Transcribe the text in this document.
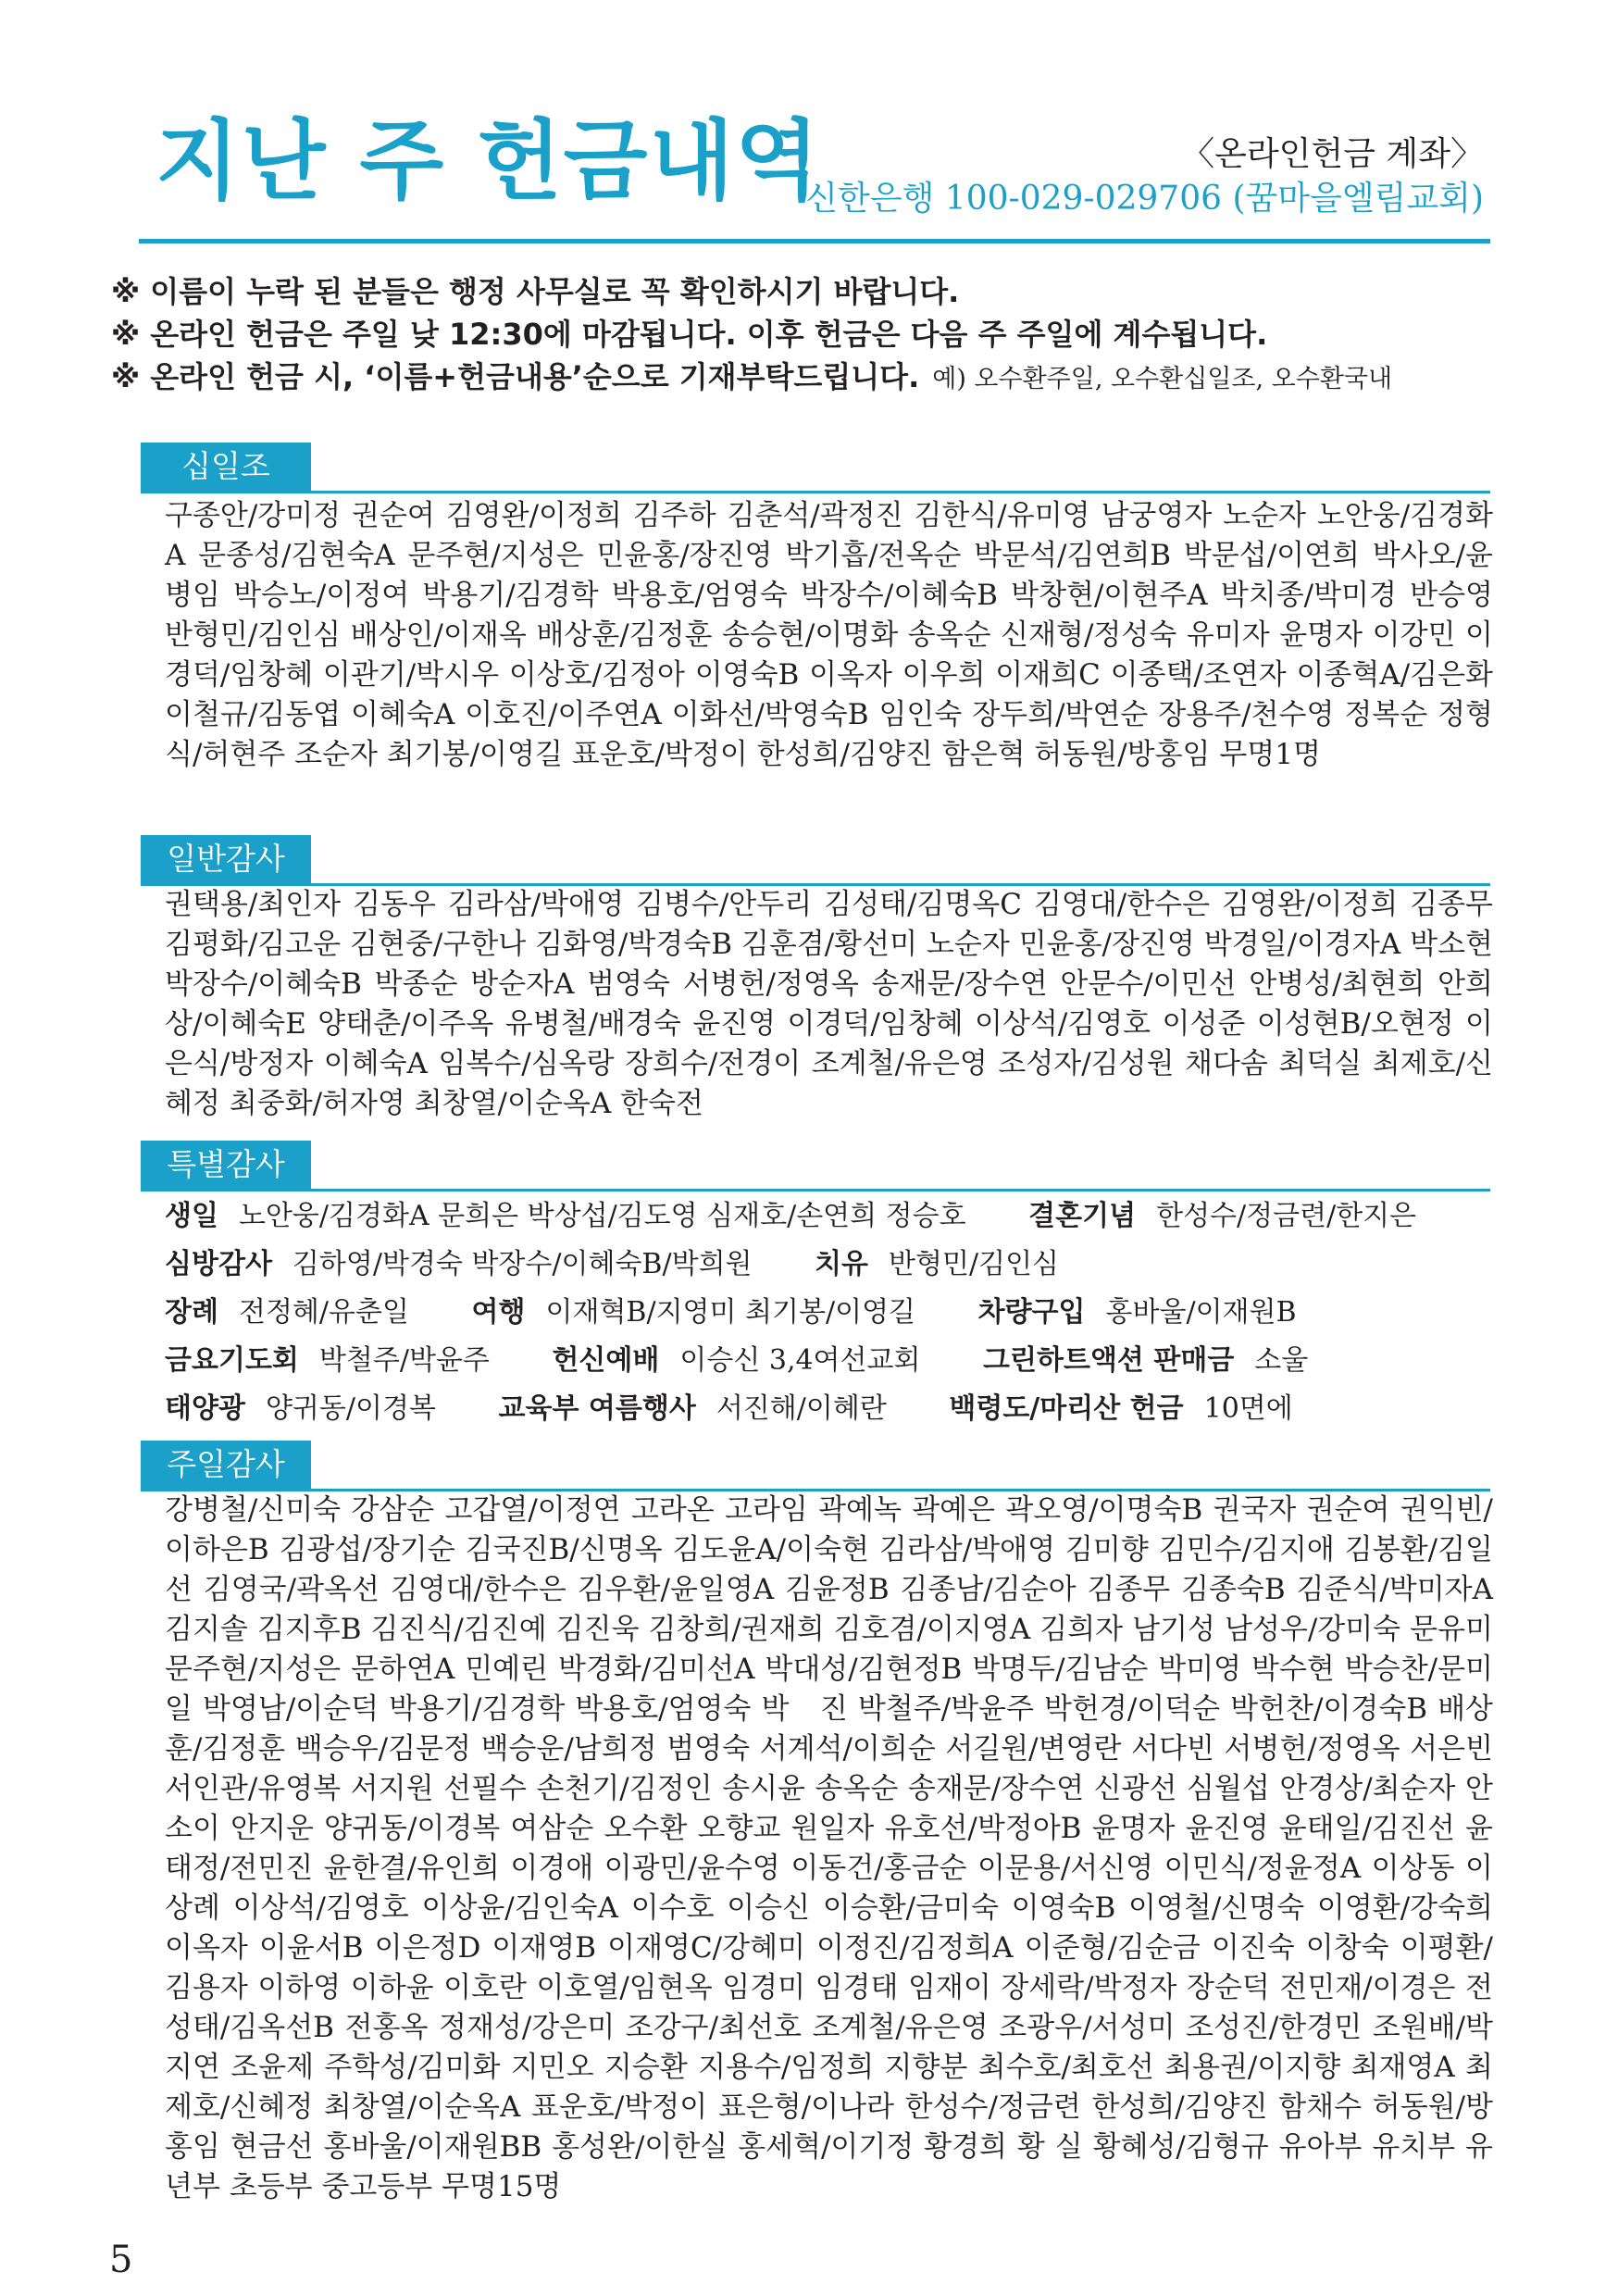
지난 주 헌금내역	〈온라인헌금 계좌〉
신한은행 100-029-029706 (꿈마을엘림교회)
※ 이름이 누락 된 분들은 행정 사무실로 꼭 확인하시기 바랍니다.
※ 온라인 헌금은 주일 낮 12:30에 마감됩니다. 이후 헌금은 다음 주 주일에 계수됩니다.
※ 온라인 헌금 시, ‘이름+헌금내용’순으로 기재부탁드립니다. 예) 오수환주일, 오수환십일조, 오수환국내
십일조

구종안/강미정 권순여 김영완/이정희 김주하 김춘석/곽정진 김한식/유미영 남궁영자 노순자 노안웅/김경화A 문종성/김현숙A 문주현/지성은 민윤홍/장진영 박기흡/전옥순 박문석/김연희B 박문섭/이연희 박사오/윤병임 박승노/이정여 박용기/김경학 박용호/엄영숙 박장수/이혜숙B 박창현/이현주A 박치종/박미경 반승영 반형민/김인심 배상인/이재옥 배상훈/김정훈 송승현/이명화 송옥순 신재형/정성숙 유미자 윤명자 이강민 이경덕/임창혜 이관기/박시우 이상호/김정아 이영숙B 이옥자 이우희 이재희C 이종택/조연자 이종혁A/김은화 이철규/김동엽 이혜숙A 이호진/이주연A 이화선/박영숙B 임인숙 장두희/박연순 장용주/천수영 정복순 정형식/허현주 조순자 최기봉/이영길 표운호/박정이 한성희/김양진 함은혁 허동원/방홍임 무명1명

일반감사

권택용/최인자 김동우 김라삼/박애영 김병수/안두리 김성태/김명옥C 김영대/한수은 김영완/이정희 김종무 김평화/김고운 김현중/구한나 김화영/박경숙B 김훈겸/황선미 노순자 민윤홍/장진영 박경일/이경자A 박소현 박장수/이혜숙B 박종순 방순자A 범영숙 서병헌/정영옥 송재문/장수연 안문수/이민선 안병성/최현희 안희상/이혜숙E 양태춘/이주옥 유병철/배경숙 윤진영 이경덕/임창혜 이상석/김영호 이성준 이성현B/오현정 이은식/방정자 이혜숙A 임복수/심옥랑 장희수/전경이 조계철/유은영 조성자/김성원 채다솜 최덕실 최제호/신혜정 최중화/허자영 최창열/이순옥A 한숙전

특별감사
생일 노안웅/김경화A 문희은 박상섭/김도영 심재호/손연희 정승호 결혼기념 한성수/정금련/한지은
심방감사 김하영/박경숙 박장수/이혜숙B/박희원 치유 반형민/김인심
장례 전정혜/유춘일 여행 이재혁B/지영미 최기봉/이영길 차량구입 홍바울/이재원B
금요기도회 박철주/박윤주 헌신예배 이승신 3,4여선교회 그린하트액션 판매금 소울
태양광 양귀동/이경복 교육부 여름행사 서진해/이혜란 백령도/마리산 헌금 10면에
주일감사

강병철/신미숙 강삼순 고갑열/이정연 고라온 고라임 곽예녹 곽예은 곽오영/이명숙B 권국자 권순여 권익빈/이하은B 김광섭/장기순 김국진B/신명옥 김도윤A/이숙현 김라삼/박애영 김미향 김민수/김지애 김봉환/김일선 김영국/곽옥선 김영대/한수은 김우환/윤일영A 김윤정B 김종남/김순아 김종무 김종숙B 김준식/박미자A 김지솔 김지후B 김진식/김진예 김진욱 김창희/권재희 김호겸/이지영A 김희자 남기성 남성우/강미숙 문유미 문주현/지성은 문하연A 민예린 박경화/김미선A 박대성/김현정B 박명두/김남순 박미영 박수현 박승찬/문미일 박영남/이순덕 박용기/김경학 박용호/엄영숙 박　진 박철주/박윤주 박헌경/이덕순 박헌찬/이경숙B 배상훈/김정훈 백승우/김문정 백승운/남희정 범영숙 서계석/이희순 서길원/변영란 서다빈 서병헌/정영옥 서은빈 서인관/유영복 서지원 선필수 손천기/김정인 송시윤 송옥순 송재문/장수연 신광선 심월섭 안경상/최순자 안소이 안지운 양귀동/이경복 여삼순 오수환 오향교 원일자 유호선/박정아B 윤명자 윤진영 윤태일/김진선 윤태정/전민진 윤한결/유인희 이경애 이광민/윤수영 이동건/홍금순 이문용/서신영 이민식/정윤정A 이상동 이상례 이상석/김영호 이상윤/김인숙A 이수호 이승신 이승환/금미숙 이영숙B 이영철/신명숙 이영환/강숙희 이옥자 이윤서B 이은정D 이재영B 이재영C/강혜미 이정진/김정희A 이준형/김순금 이진숙 이창숙 이평환/김용자 이하영 이하윤 이호란 이호열/임현옥 임경미 임경태 임재이 장세락/박정자 장순덕 전민재/이경은 전성태/김옥선B 전홍옥 정재성/강은미 조강구/최선호 조계철/유은영 조광우/서성미 조성진/한경민 조원배/박지연 조윤제 주학성/김미화 지민오 지승환 지용수/임정희 지향분 최수호/최호선 최용권/이지향 최재영A 최제호/신혜정 최창열/이순옥A 표운호/박정이 표은형/이나라 한성수/정금련 한성희/김양진 함채수 허동원/방홍임 현금선 홍바울/이재원BB 홍성완/이한실 홍세혁/이기정 황경희 황 실 황혜성/김형규 유아부 유치부 유년부 초등부 중고등부 무명15명

5
